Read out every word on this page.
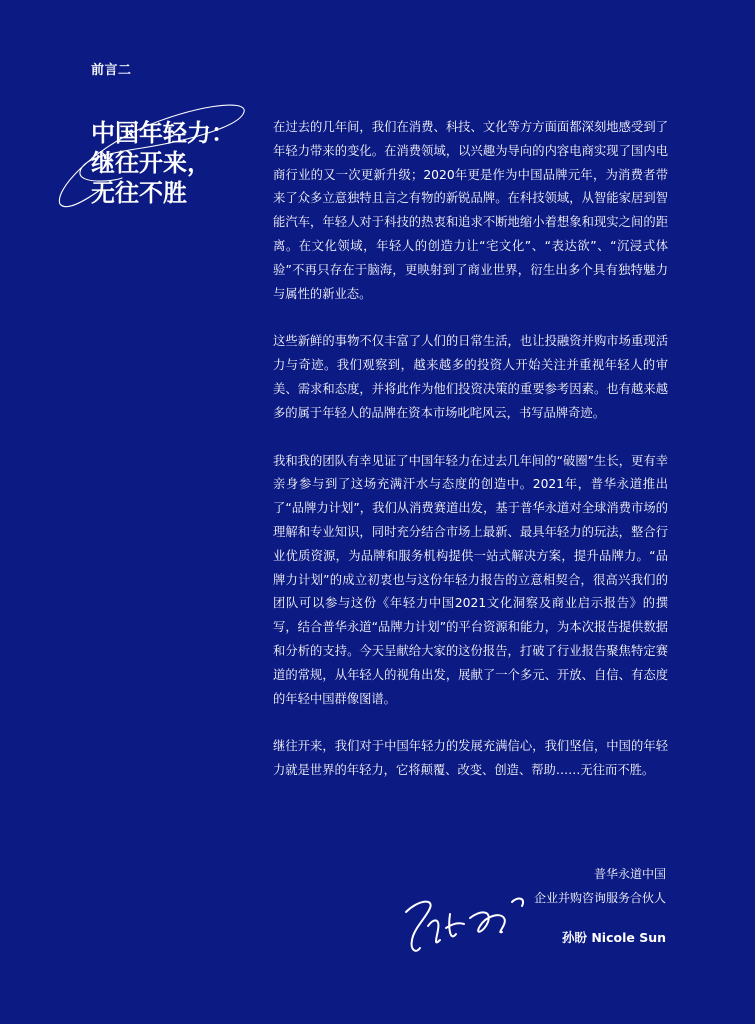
前言二
中国年轻力：
继往开来，
无往不胜

在过去的几年间，我们在消费、科技、文化等方方面面都深刻地感受到了年轻力带来的变化。在消费领域，以兴趣为导向的内容电商实现了国内电商行业的又一次更新升级；2020年更是作为中国品牌元年，为消费者带来了众多立意独特且言之有物的新锐品牌。在科技领域，从智能家居到智能汽车，年轻人对于科技的热衷和追求不断地缩小着想象和现实之间的距离。在文化领域，年轻人的创造力让“宅文化”、“表达欲”、“沉浸式体验”不再只存在于脑海，更映射到了商业世界，衍生出多个具有独特魅力与属性的新业态。

这些新鲜的事物不仅丰富了人们的日常生活，也让投融资并购市场重现活力与奇迹。我们观察到，越来越多的投资人开始关注并重视年轻人的审美、需求和态度，并将此作为他们投资决策的重要参考因素。也有越来越多的属于年轻人的品牌在资本市场叱咤风云，书写品牌奇迹。

我和我的团队有幸见证了中国年轻力在过去几年间的“破圈”生长，更有幸亲身参与到了这场充满汗水与态度的创造中。2021年，普华永道推出了“品牌力计划”，我们从消费赛道出发，基于普华永道对全球消费市场的理解和专业知识，同时充分结合市场上最新、最具年轻力的玩法，整合行业优质资源，为品牌和服务机构提供一站式解决方案，提升品牌力。“品牌力计划”的成立初衷也与这份年轻力报告的立意相契合，很高兴我们的团队可以参与这份《年轻力中国2021文化洞察及商业启示报告》的撰写，结合普华永道“品牌力计划”的平台资源和能力，为本次报告提供数据和分析的支持。今天呈献给大家的这份报告，打破了行业报告聚焦特定赛道的常规，从年轻人的视角出发，展献了一个多元、开放、自信、有态度的年轻中国群像图谱。

继往开来，我们对于中国年轻力的发展充满信心，我们坚信，中国的年轻力就是世界的年轻力，它将颠覆、改变、创造、帮助……无往而不胜。

普华永道中国
企业并购咨询服务合伙人
孙盼 Nicole Sun
